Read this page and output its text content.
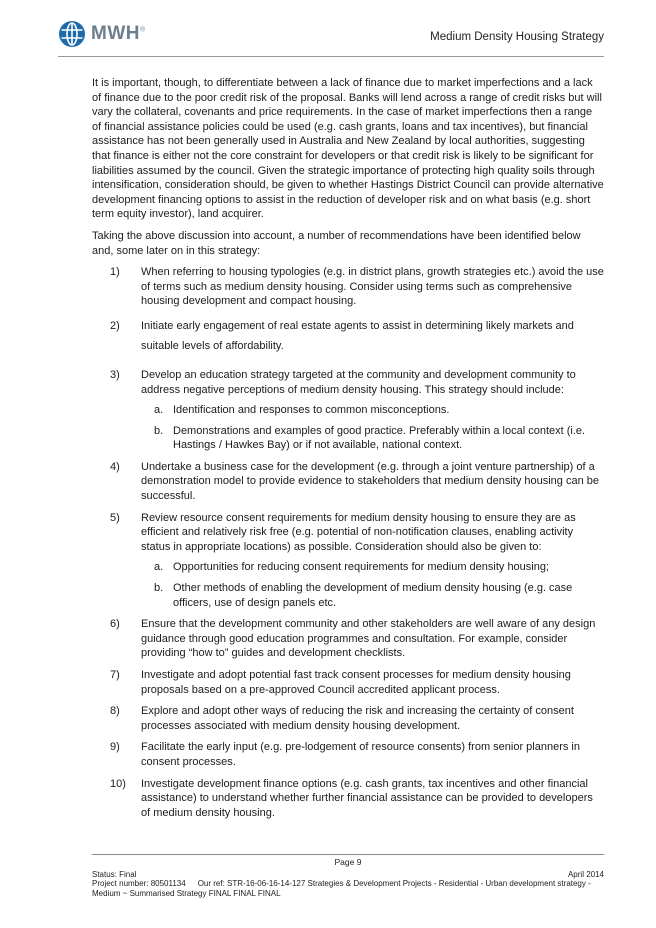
MWH®
Medium Density Housing Strategy

It is important, though, to differentiate between a lack of finance due to market imperfections and a lack of finance due to the poor credit risk of the proposal. Banks will lend across a range of credit risks but will vary the collateral, covenants and price requirements. In the case of market imperfections then a range of financial assistance policies could be used (e.g. cash grants, loans and tax incentives), but financial assistance has not been generally used in Australia and New Zealand by local authorities, suggesting that finance is either not the core constraint for developers or that credit risk is likely to be significant for liabilities assumed by the council. Given the strategic importance of protecting high quality soils through intensification, consideration should, be given to whether Hastings District Council can provide alternative development financing options to assist in the reduction of developer risk and on what basis (e.g. short term equity investor), land acquirer.

Taking the above discussion into account, a number of recommendations have been identified below and, some later on in this strategy:

1) When referring to housing typologies (e.g. in district plans, growth strategies etc.) avoid the use of terms such as medium density housing. Consider using terms such as comprehensive housing development and compact housing.
2) Initiate early engagement of real estate agents to assist in determining likely markets and suitable levels of affordability.
3) Develop an education strategy targeted at the community and development community to address negative perceptions of medium density housing. This strategy should include:
a. Identification and responses to common misconceptions.
b. Demonstrations and examples of good practice. Preferably within a local context (i.e. Hastings / Hawkes Bay) or if not available, national context.
4) Undertake a business case for the development (e.g. through a joint venture partnership) of a demonstration model to provide evidence to stakeholders that medium density housing can be successful.
5) Review resource consent requirements for medium density housing to ensure they are as efficient and relatively risk free (e.g. potential of non-notification clauses, enabling activity status in appropriate locations) as possible. Consideration should also be given to:
a. Opportunities for reducing consent requirements for medium density housing;
b. Other methods of enabling the development of medium density housing (e.g. case officers, use of design panels etc.
6) Ensure that the development community and other stakeholders are well aware of any design guidance through good education programmes and consultation. For example, consider providing “how to” guides and development checklists.
7) Investigate and adopt potential fast track consent processes for medium density housing proposals based on a pre-approved Council accredited applicant process.
8) Explore and adopt other ways of reducing the risk and increasing the certainty of consent processes associated with medium density housing development.
9) Facilitate the early input (e.g. pre-lodgement of resource consents) from senior planners in consent processes.
10) Investigate development finance options (e.g. cash grants, tax incentives and other financial assistance) to understand whether further financial assistance can be provided to developers of medium density housing.
Page 9
Status: Final	April 2014
Project number: 80501134 Our ref: STR-16-06-16-14-127 Strategies & Development Projects - Residential - Urban development strategy - Medium ~ Summarised Strategy FINAL FINAL FINAL
